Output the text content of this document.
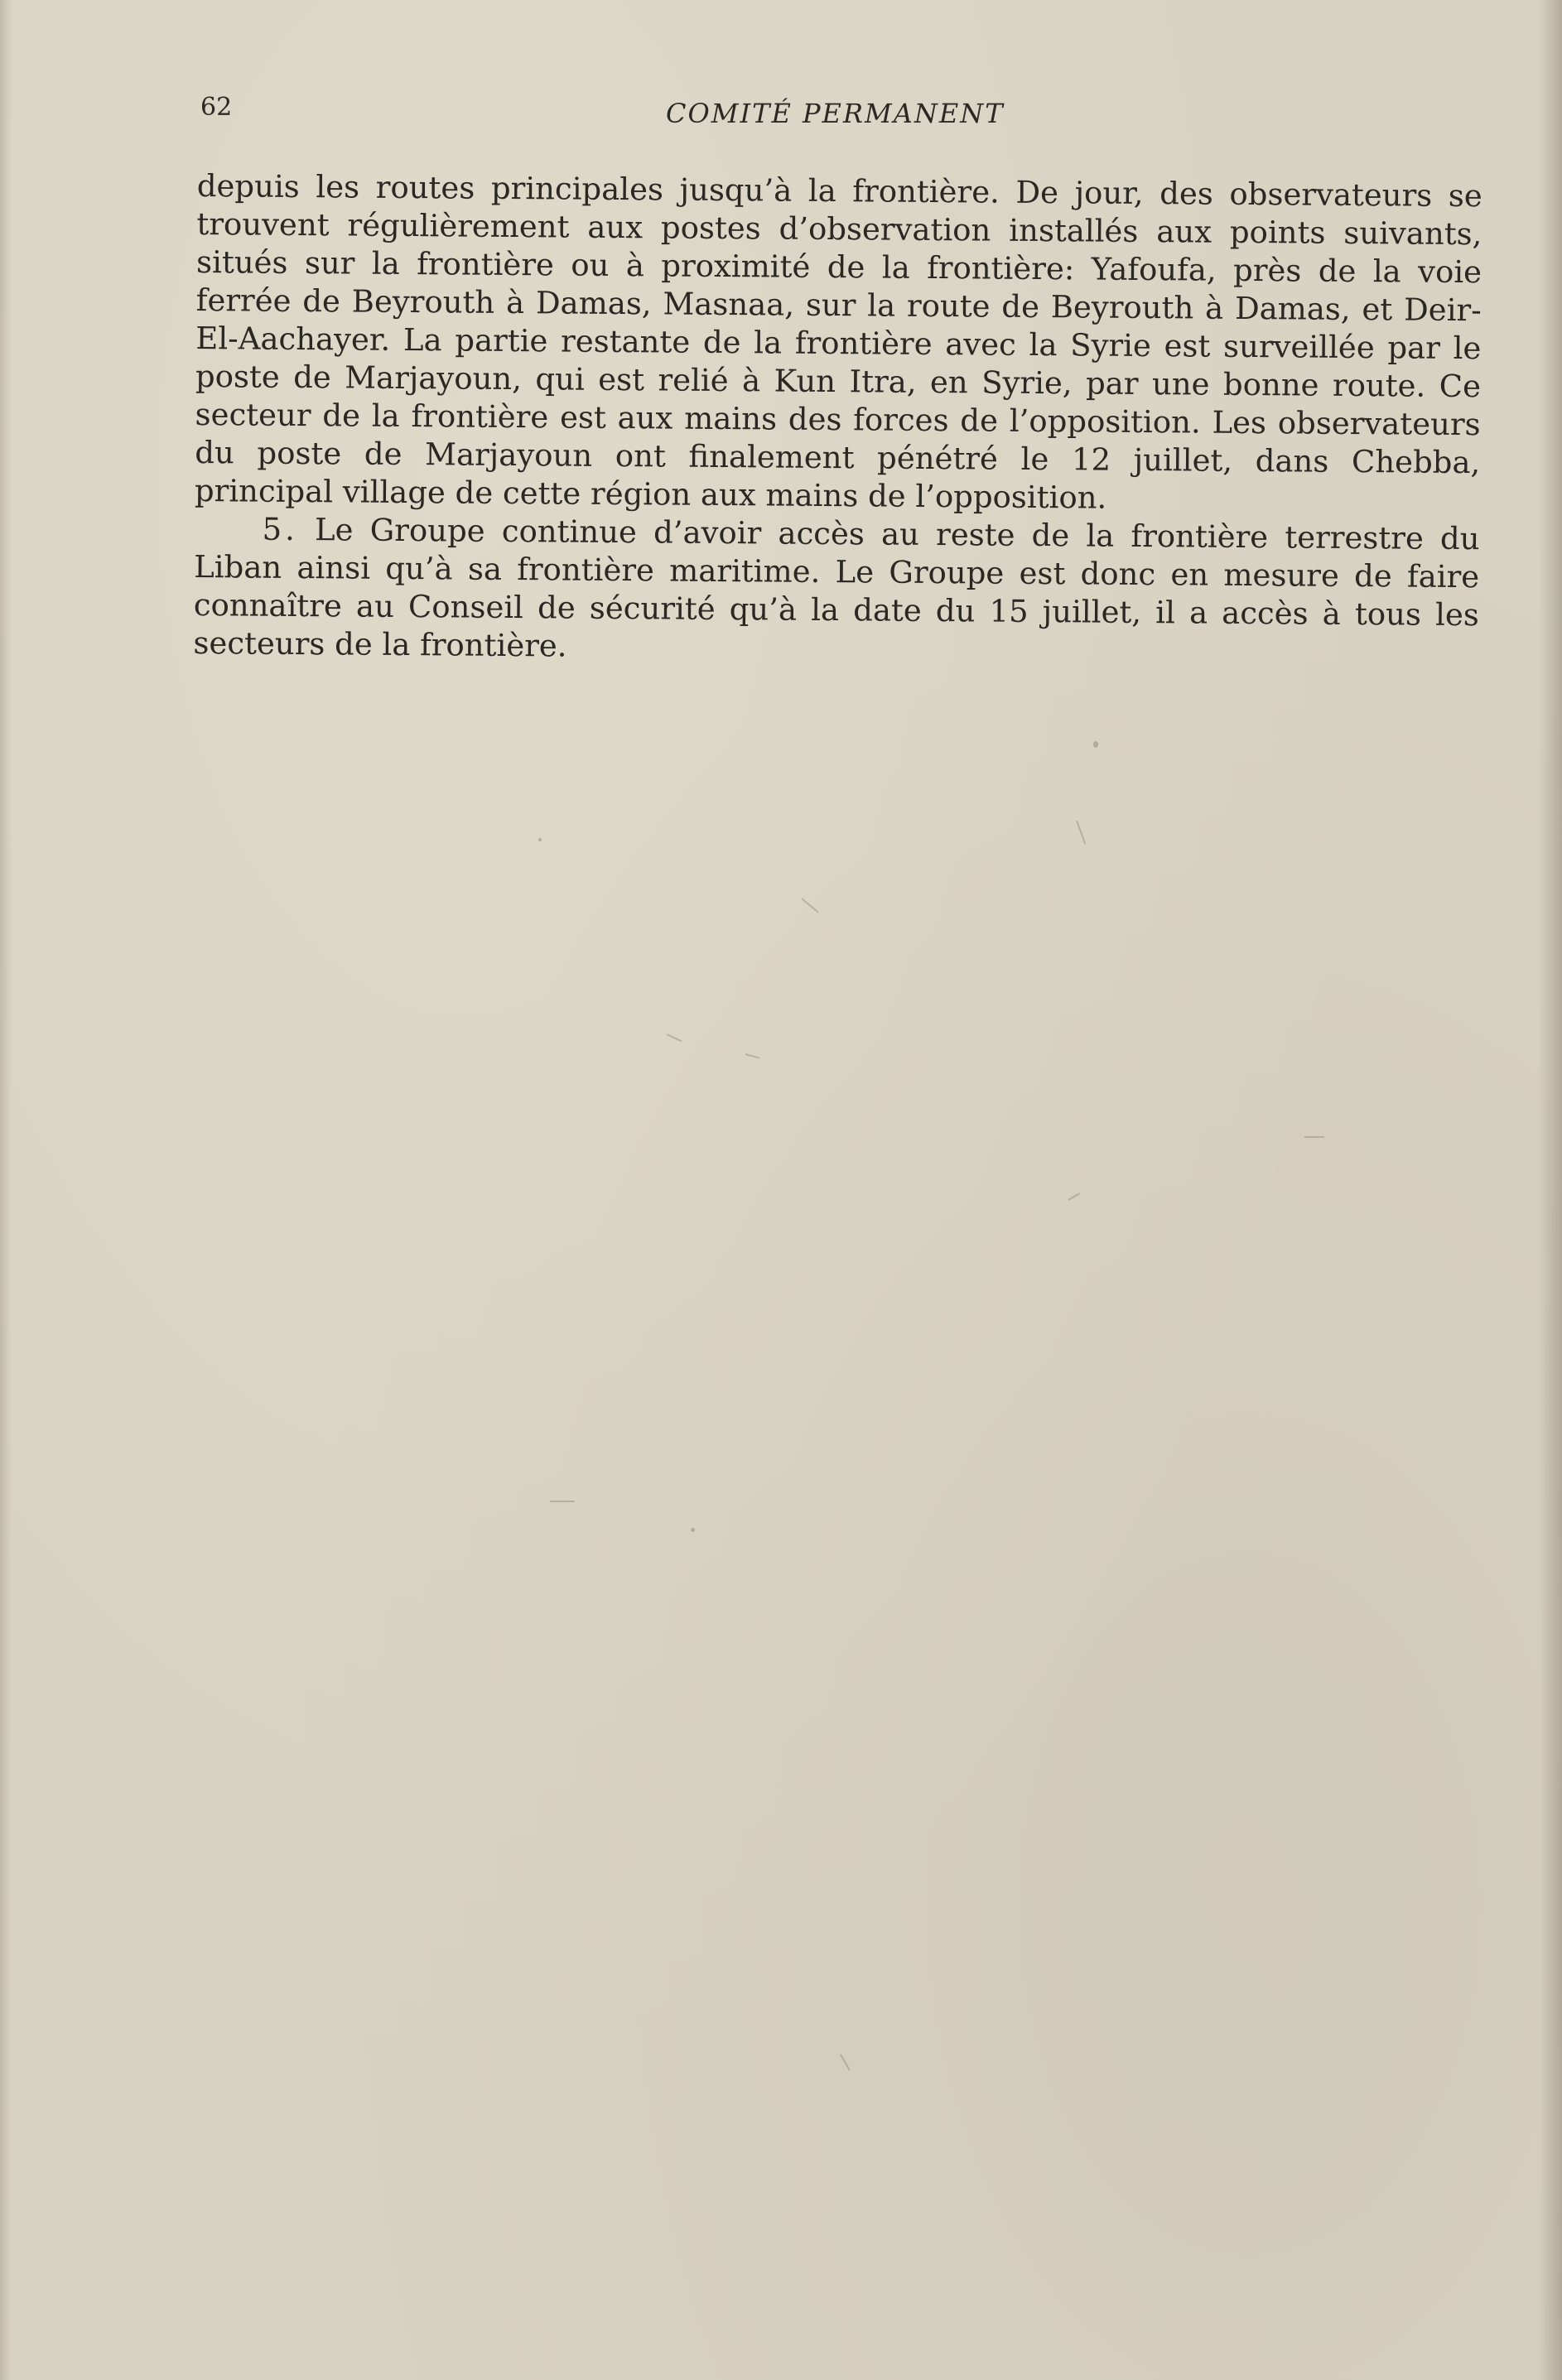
62	COMITÉ PERMANENT

depuis les routes principales jusqu’à la frontière. De jour, des observateurs se trouvent régulièrement aux postes d’observation installés aux points suivants, situés sur la frontière ou à proximité de la frontière: Yafoufa, près de la voie ferrée de Beyrouth à Damas, Masnaa, sur la route de Beyrouth à Damas, et Deir-El-Aachayer. La partie restante de la frontière avec la Syrie est surveillée par le poste de Marjayoun, qui est relié à Kun Itra, en Syrie, par une bonne route. Ce secteur de la frontière est aux mains des forces de l’opposition. Les observateurs du poste de Marjayoun ont finalement pénétré le 12 juillet, dans Chebba, principal village de cette région aux mains de l’opposition.

5. Le Groupe continue d’avoir accès au reste de la frontière terrestre du Liban ainsi qu’à sa frontière maritime. Le Groupe est donc en mesure de faire connaître au Conseil de sécurité qu’à la date du 15 juillet, il a accès à tous les secteurs de la frontière.
